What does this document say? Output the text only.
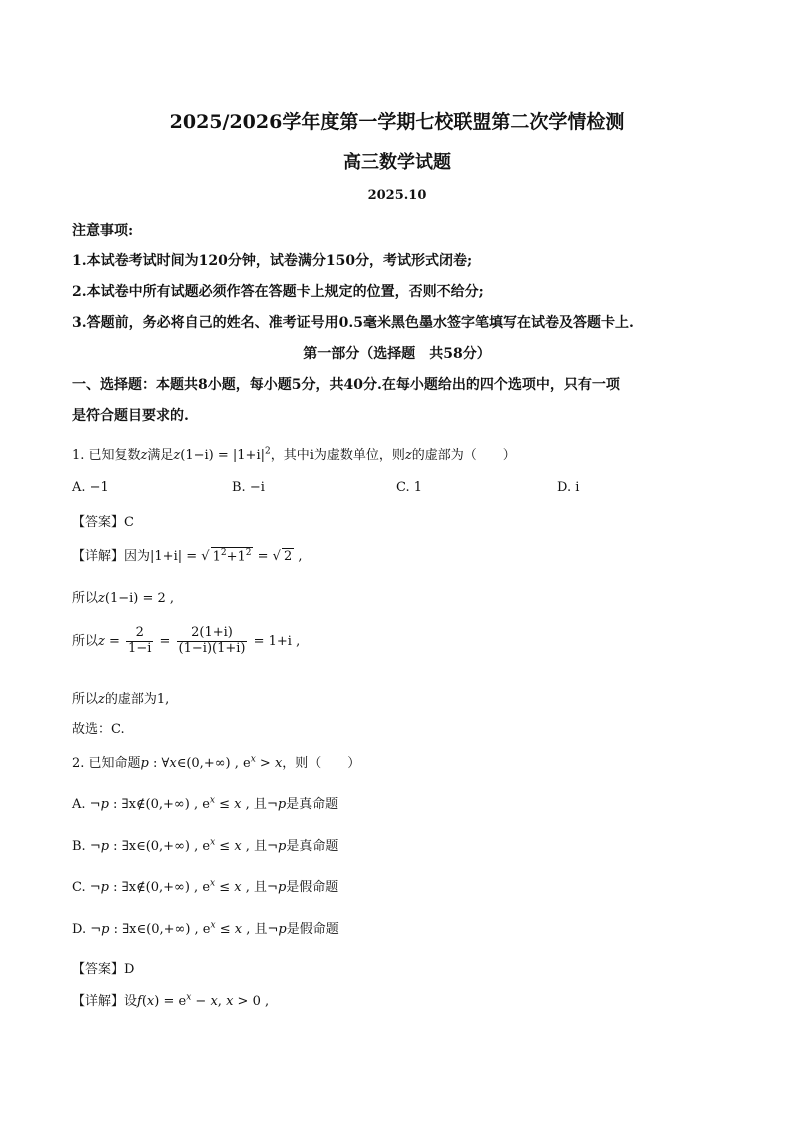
2025/2026学年度第一学期七校联盟第二次学情检测
高三数学试题
2025.10
注意事项:
1.本试卷考试时间为120分钟，试卷满分150分，考试形式闭卷;
2.本试卷中所有试题必须作答在答题卡上规定的位置，否则不给分;
3.答题前，务必将自己的姓名、准考证号用0.5毫米黑色墨水签字笔填写在试卷及答题卡上.
第一部分（选择题　共58分）
一、选择题：本题共8小题，每小题5分，共40分.在每小题给出的四个选项中，只有一项
是符合题目要求的.
1. 已知复数z满足$z(1-i) = |1+i|^2$，其中i为虚数单位，则z的虚部为（　　）
A. −1	B. −i	C. 1	D. i
【答案】C
【详解】因为|1+i| = √ $1^2+1^2$ = √ 2 ,
所以z(1−i) = 2 ,
所以$z = \frac{2}{1-i} = \frac{2(1+i)}{(1-i)(1+i)} = 1+i$ ,
所以z的虚部为1,
故选：C.
2. 已知命题p : ∀x∈(0,+∞) , $e^x > x$，则（　　）
A. ¬p : ∃x∉(0,+∞) , $e^x \le x$ , 且¬p是真命题
B. ¬p : ∃x∈(0,+∞) , $e^x \le x$ , 且¬p是真命题
C. ¬p : ∃x∉(0,+∞) , $e^x \le x$ , 且¬p是假命题
D. ¬p : ∃x∈(0,+∞) , $e^x \le x$ , 且¬p是假命题
【答案】D
【详解】设$f(x) = e^x - x$, x > 0 ,
